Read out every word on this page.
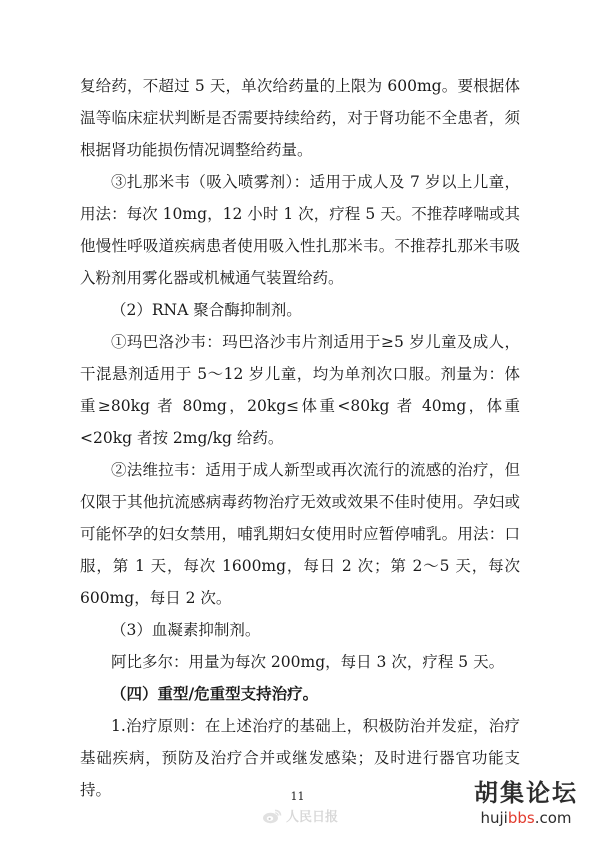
复给药，不超过 5 天，单次给药量的上限为 600mg。要根据体温等临床症状判断是否需要持续给药，对于肾功能不全患者，须根据肾功能损伤情况调整给药量。

③扎那米韦（吸入喷雾剂）：适用于成人及 7 岁以上儿童，用法：每次 10mg，12 小时 1 次，疗程 5 天。不推荐哮喘或其他慢性呼吸道疾病患者使用吸入性扎那米韦。不推荐扎那米韦吸入粉剂用雾化器或机械通气装置给药。

（2）RNA 聚合酶抑制剂。

①玛巴洛沙韦：玛巴洛沙韦片剂适用于≥5 岁儿童及成人，干混悬剂适用于 5～12 岁儿童，均为单剂次口服。剂量为：体重≥80kg 者 80mg，20kg≤体重<80kg 者 40mg，体重<20kg 者按 2mg/kg 给药。

②法维拉韦：适用于成人新型或再次流行的流感的治疗，但仅限于其他抗流感病毒药物治疗无效或效果不佳时使用。孕妇或可能怀孕的妇女禁用，哺乳期妇女使用时应暂停哺乳。用法：口服，第 1 天，每次 1600mg，每日 2 次；第 2～5 天，每次 600mg，每日 2 次。

（3）血凝素抑制剂。

阿比多尔：用量为每次 200mg，每日 3 次，疗程 5 天。

（四）重型/危重型支持治疗。

1.治疗原则：在上述治疗的基础上，积极防治并发症，治疗基础疾病，预防及治疗合并或继发感染；及时进行器官功能支持。	11
人民日报
胡集论坛
hujibbs.com
